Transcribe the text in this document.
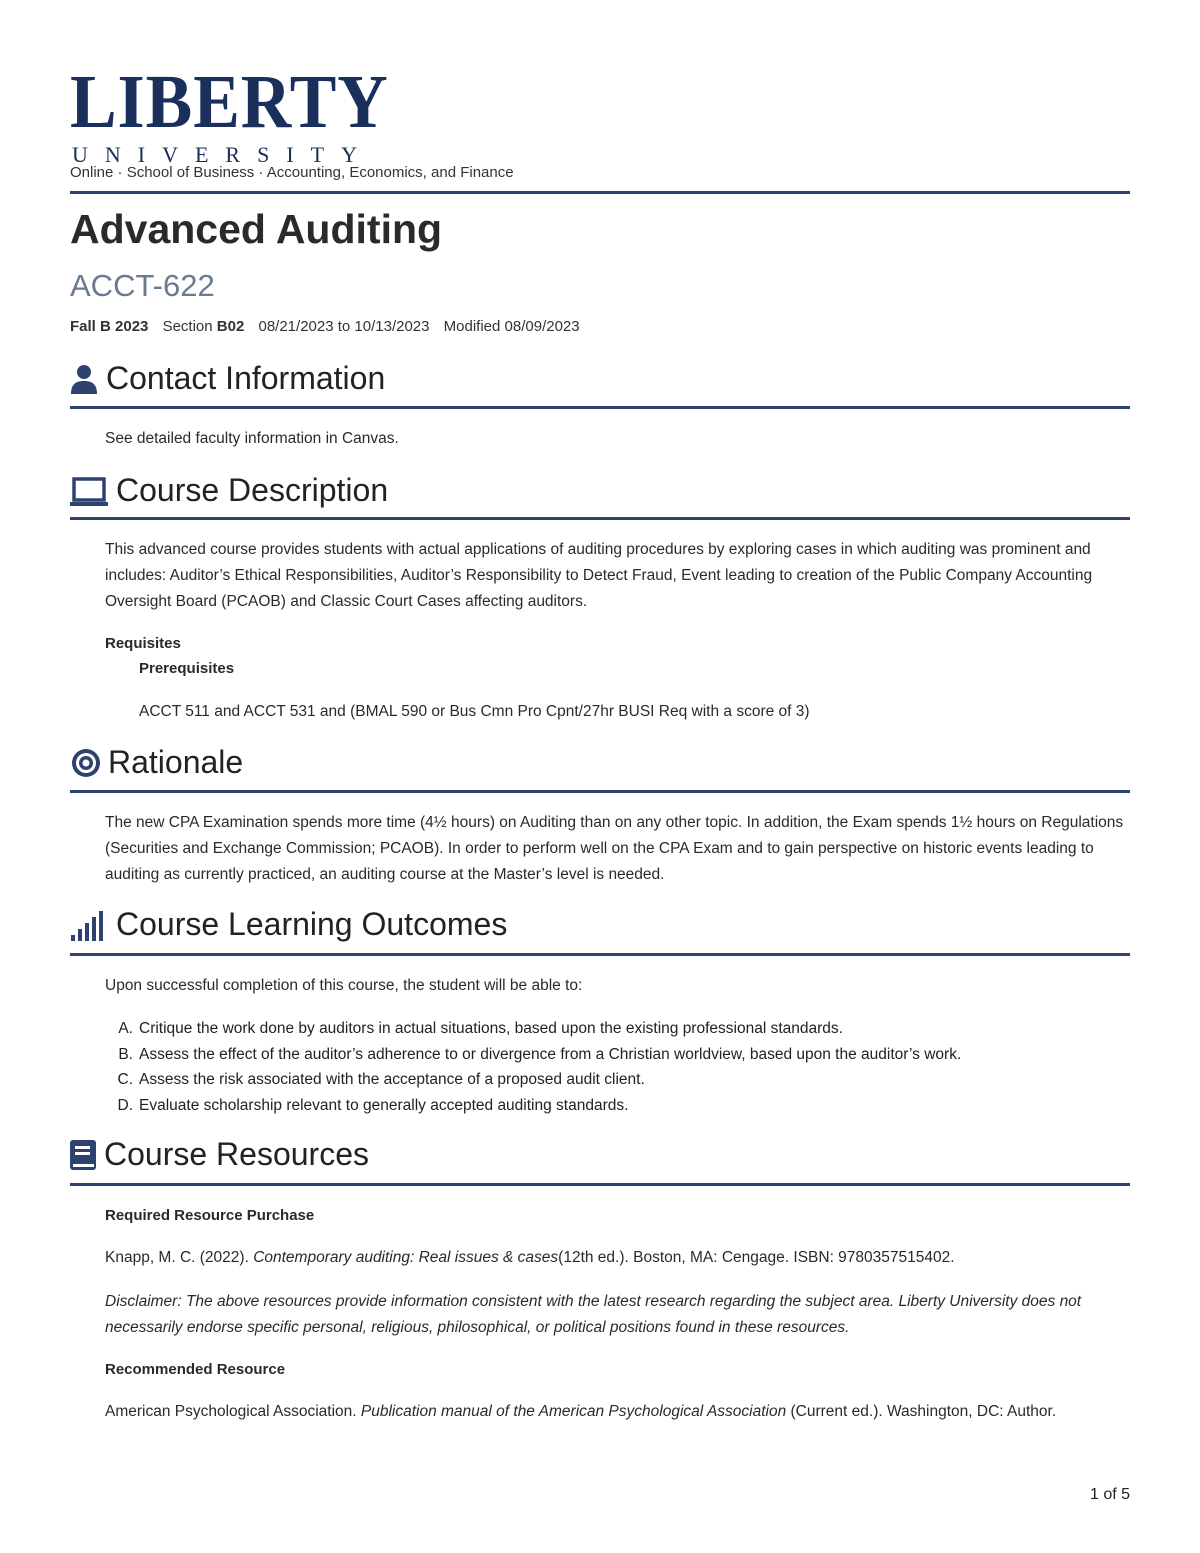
LIBERTY
UNIVERSITY
Online · School of Business · Accounting, Economics, and Finance
Advanced Auditing
ACCT-622
Fall B 2023 Section B02 08/21/2023 to 10/13/2023 Modified 08/09/2023
Contact Information

See detailed faculty information in Canvas.

Course Description

This advanced course provides students with actual applications of auditing procedures by exploring cases in which auditing was prominent and includes: Auditor’s Ethical Responsibilities, Auditor’s Responsibility to Detect Fraud, Event leading to creation of the Public Company Accounting Oversight Board (PCAOB) and Classic Court Cases affecting auditors.

Requisites

Prerequisites

ACCT 511 and ACCT 531 and (BMAL 590 or Bus Cmn Pro Cpnt/27hr BUSI Req with a score of 3)

Rationale

The new CPA Examination spends more time (4½ hours) on Auditing than on any other topic. In addition, the Exam spends 1½ hours on Regulations (Securities and Exchange Commission; PCAOB). In order to perform well on the CPA Exam and to gain perspective on historic events leading to auditing as currently practiced, an auditing course at the Master’s level is needed.

Course Learning Outcomes

Upon successful completion of this course, the student will be able to:

A. Critique the work done by auditors in actual situations, based upon the existing professional standards.
B. Assess the effect of the auditor’s adherence to or divergence from a Christian worldview, based upon the auditor’s work.
C. Assess the risk associated with the acceptance of a proposed audit client.
D. Evaluate scholarship relevant to generally accepted auditing standards.
Course Resources

Required Resource Purchase

Knapp, M. C. (2022). Contemporary auditing: Real issues & cases(12th ed.). Boston, MA: Cengage. ISBN: 9780357515402.

Disclaimer: The above resources provide information consistent with the latest research regarding the subject area. Liberty University does not necessarily endorse specific personal, religious, philosophical, or political positions found in these resources.

Recommended Resource

American Psychological Association. Publication manual of the American Psychological Association (Current ed.). Washington, DC: Author.

1 of 5
